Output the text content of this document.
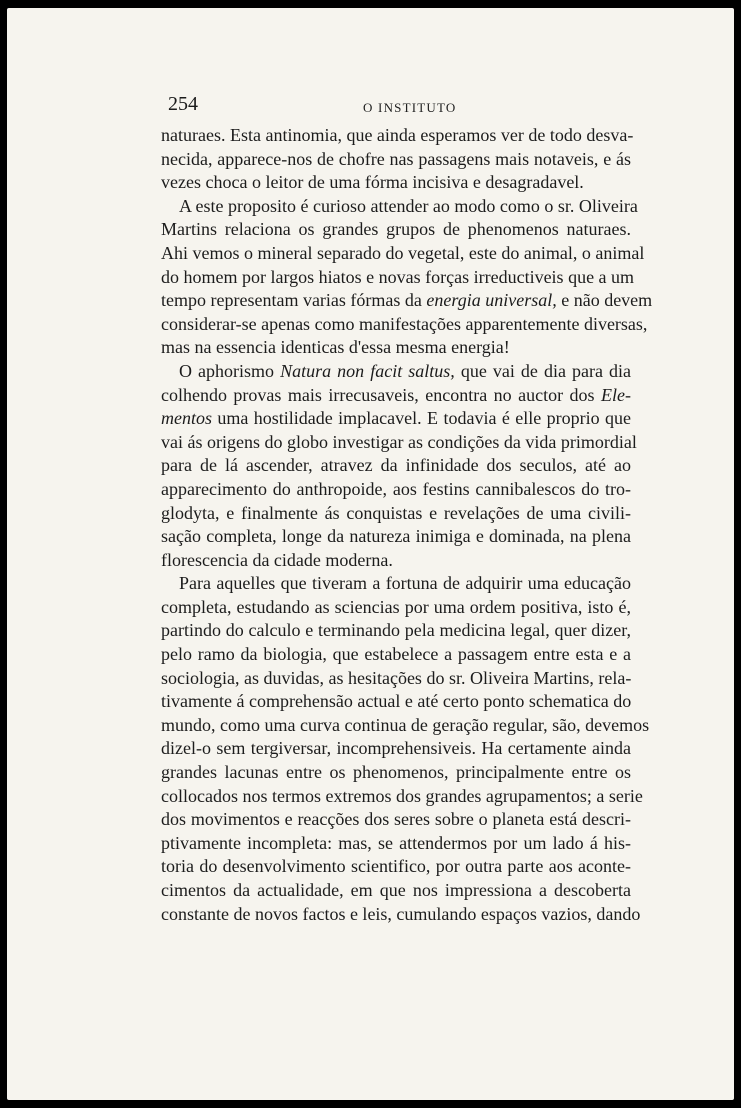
254	O INSTITUTO
naturaes. Esta antinomia, que ainda esperamos ver de todo desva-
necida, apparece-nos de chofre nas passagens mais notaveis, e ás
vezes choca o leitor de uma fórma incisiva e desagradavel.
A este proposito é curioso attender ao modo como o sr. Oliveira
Martins relaciona os grandes grupos de phenomenos naturaes.
Ahi vemos o mineral separado do vegetal, este do animal, o animal
do homem por largos hiatos e novas forças irreductiveis que a um
tempo representam varias fórmas da energia universal, e não devem
considerar-se apenas como manifestações apparentemente diversas,
mas na essencia identicas d'essa mesma energia!
O aphorismo Natura non facit saltus, que vai de dia para dia
colhendo provas mais irrecusaveis, encontra no auctor dos Ele-
mentos uma hostilidade implacavel. E todavia é elle proprio que
vai ás origens do globo investigar as condições da vida primordial
para de lá ascender, atravez da infinidade dos seculos, até ao
apparecimento do anthropoide, aos festins cannibalescos do tro-
glodyta, e finalmente ás conquistas e revelações de uma civili-
sação completa, longe da natureza inimiga e dominada, na plena
florescencia da cidade moderna.
Para aquelles que tiveram a fortuna de adquirir uma educação
completa, estudando as sciencias por uma ordem positiva, isto é,
partindo do calculo e terminando pela medicina legal, quer dizer,
pelo ramo da biologia, que estabelece a passagem entre esta e a
sociologia, as duvidas, as hesitações do sr. Oliveira Martins, rela-
tivamente á comprehensão actual e até certo ponto schematica do
mundo, como uma curva continua de geração regular, são, devemos
dizel-o sem tergiversar, incomprehensiveis. Ha certamente ainda
grandes lacunas entre os phenomenos, principalmente entre os
collocados nos termos extremos dos grandes agrupamentos; a serie
dos movimentos e reacções dos seres sobre o planeta está descri-
ptivamente incompleta: mas, se attendermos por um lado á his-
toria do desenvolvimento scientifico, por outra parte aos aconte-
cimentos da actualidade, em que nos impressiona a descoberta
constante de novos factos e leis, cumulando espaços vazios, dando
